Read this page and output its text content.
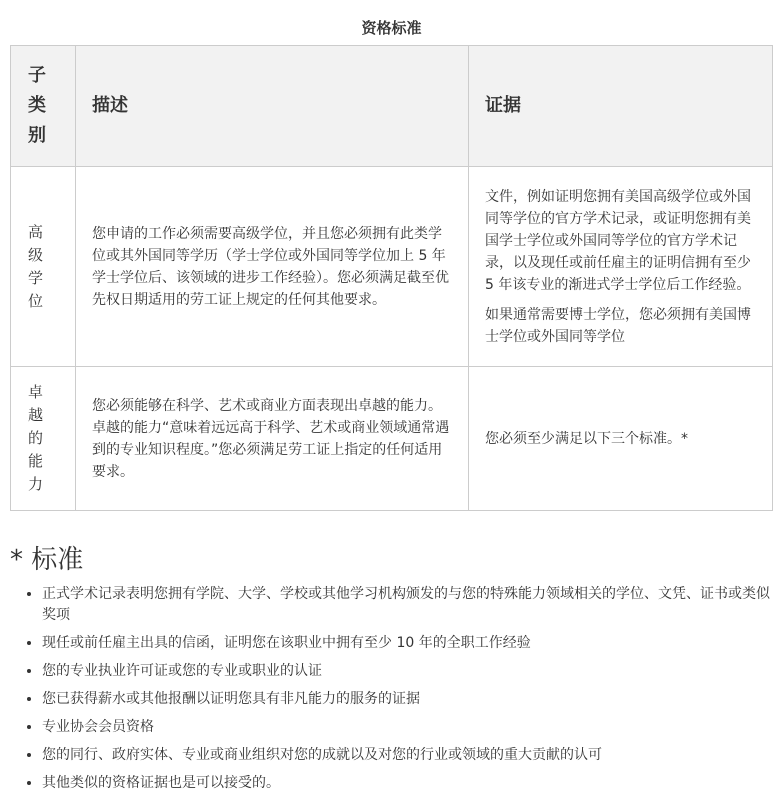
资格标准
子类别	描述	证据

高级学位	您申请的工作必须需要高级学位，并且您必须拥有此类学位或其外国同等学历（学士学位或外国同等学位加上 5 年学士学位后、该领域的进步工作经验）。您必须满足截至优先权日期适用的劳工证上规定的任何其他要求。	文件，例如证明您拥有美国高级学位或外国同等学位的官方学术记录，或证明您拥有美国学士学位或外国同等学位的官方学术记录，以及现任或前任雇主的证明信拥有至少 5 年该专业的渐进式学士学位后工作经验。

如果通常需要博士学位，您必须拥有美国博士学位或外国同等学位

卓越的能力	您必须能够在科学、艺术或商业方面表现出卓越的能力。卓越的能力“意味着远远高于科学、艺术或商业领域通常遇到的专业知识程度。”您必须满足劳工证上指定的任何适用要求。	您必须至少满足以下三个标准。*

* 标准
• 正式学术记录表明您拥有学院、大学、学校或其他学习机构颁发的与您的特殊能力领域相关的学位、文凭、证书或类似奖项
• 现任或前任雇主出具的信函，证明您在该职业中拥有至少 10 年的全职工作经验
• 您的专业执业许可证或您的专业或职业的认证
• 您已获得薪水或其他报酬以证明您具有非凡能力的服务的证据
• 专业协会会员资格
• 您的同行、政府实体、专业或商业组织对您的成就以及对您的行业或领域的重大贡献的认可
• 其他类似的资格证据也是可以接受的。
